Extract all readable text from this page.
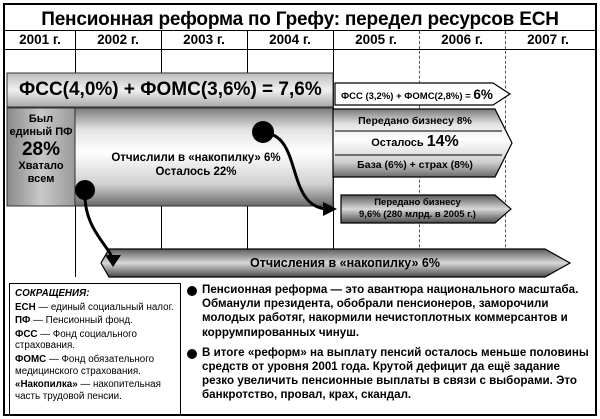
Пенсионная реформа по Грефу: передел ресурсов ЕСН
2001 г.	2002 г.	2003 г.	2004 г.	2005 г.	2006 г.	2007 г.
ФСС(4,0%) + ФОМС(3,6%) = 7,6% ФСС (3,2%) + ФОМС(2,8%) = 6%
Был
единый ПФ
28%
Хватало
всем
Отчислили в «накопилку» 6%
Осталось 22%
Передано бизнесу 8%
Осталось 14%
База (6%) + страх (8%)
Передано бизнесу
9,6% (280 млрд. в 2005 г.)
Отчисления в «накопилку» 6%
СОКРАЩЕНИЯ:
ЕСН — единый социальный налог.
ПФ — Пенсионный фонд.
ФСС — Фонд социального страхования.
ФОМС — Фонд обязательного медицинского страхования.
«Накопилка» — накопительная часть трудовой пенсии.
Пенсионная реформа — это авантюра национального масштаба. Обманули президента, обобрали пенсионеров, заморочили молодых работяг, накормили нечистоплотных коммерсантов и коррумпированных чинуш.
В итоге «реформ» на выплату пенсий осталось меньше половины средств от уровня 2001 года. Крутой дефицит да ещё задание резко увеличить пенсионные выплаты в связи с выборами. Это банкротство, провал, крах, скандал.
